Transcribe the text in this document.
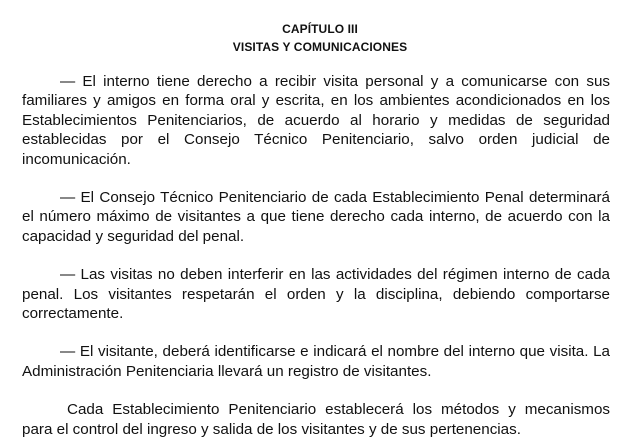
CAPÍTULO III

VISITAS Y COMUNICACIONES

— El interno tiene derecho a recibir visita personal y a comunicarse con sus familiares y amigos en forma oral y escrita, en los ambientes acondicionados en los Establecimientos Penitenciarios, de acuerdo al horario y medidas de seguridad establecidas por el Consejo Técnico Penitenciario, salvo orden judicial de incomunicación.

— El Consejo Técnico Penitenciario de cada Establecimiento Penal determinará el número máximo de visitantes a que tiene derecho cada interno, de acuerdo con la capacidad y seguridad del penal.

— Las visitas no deben interferir en las actividades del régimen interno de cada penal. Los visitantes respetarán el orden y la disciplina, debiendo comportarse correctamente.

— El visitante, deberá identificarse e indicará el nombre del interno que visita. La Administración Penitenciaria llevará un registro de visitantes.

Cada Establecimiento Penitenciario establecerá los métodos y mecanismos para el control del ingreso y salida de los visitantes y de sus pertenencias.
